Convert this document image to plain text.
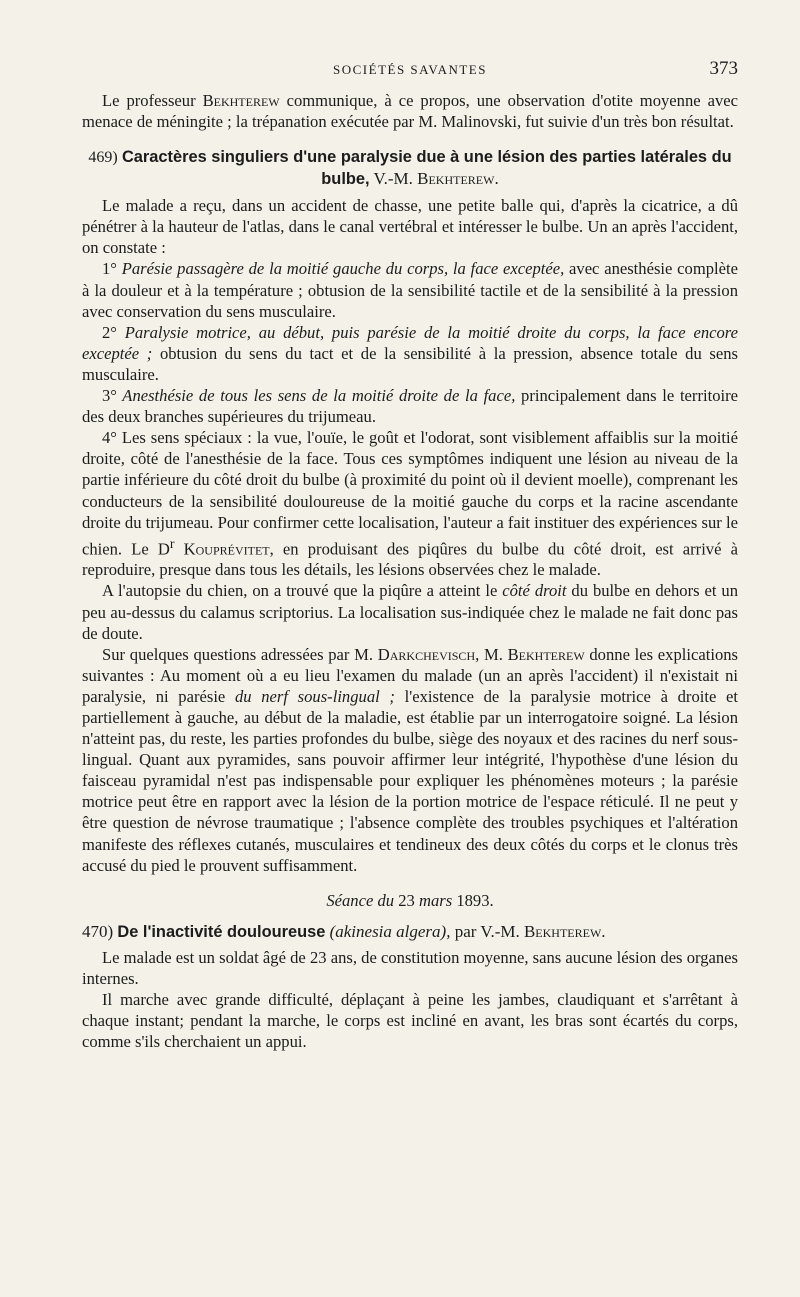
SOCIÉTÉS SAVANTES	373

Le professeur Bekhterew communique, à ce propos, une observation d'otite moyenne avec menace de méningite ; la trépanation exécutée par M. Malinovski, fut suivie d'un très bon résultat.

469) Caractères singuliers d'une paralysie due à une lésion des parties latérales du bulbe, V.-M. Bekhterew.

Le malade a reçu, dans un accident de chasse, une petite balle qui, d'après la cicatrice, a dû pénétrer à la hauteur de l'atlas, dans le canal vertébral et intéresser le bulbe. Un an après l'accident, on constate :

1° Parésie passagère de la moitié gauche du corps, la face exceptée, avec anesthésie complète à la douleur et à la température ; obtusion de la sensibilité tactile et de la sensibilité à la pression avec conservation du sens musculaire.

2° Paralysie motrice, au début, puis parésie de la moitié droite du corps, la face encore exceptée ; obtusion du sens du tact et de la sensibilité à la pression, absence totale du sens musculaire.

3° Anesthésie de tous les sens de la moitié droite de la face, principalement dans le territoire des deux branches supérieures du trijumeau.

4° Les sens spéciaux : la vue, l'ouïe, le goût et l'odorat, sont visiblement affaiblis sur la moitié droite, côté de l'anesthésie de la face. Tous ces symptômes indiquent une lésion au niveau de la partie inférieure du côté droit du bulbe (à proximité du point où il devient moelle), comprenant les conducteurs de la sensibilité douloureuse de la moitié gauche du corps et la racine ascendante droite du trijumeau. Pour confirmer cette localisation, l'auteur a fait instituer des expériences sur le chien. Le $D^r$ Kouprévitet, en produisant des piqûres du bulbe du côté droit, est arrivé à reproduire, presque dans tous les détails, les lésions observées chez le malade.

A l'autopsie du chien, on a trouvé que la piqûre a atteint le côté droit du bulbe en dehors et un peu au-dessus du calamus scriptorius. La localisation sus-indiquée chez le malade ne fait donc pas de doute.

Sur quelques questions adressées par M. Darkchevisch, M. Bekhterew donne les explications suivantes : Au moment où a eu lieu l'examen du malade (un an après l'accident) il n'existait ni paralysie, ni parésie du nerf sous-lingual ; l'existence de la paralysie motrice à droite et partiellement à gauche, au début de la maladie, est établie par un interrogatoire soigné. La lésion n'atteint pas, du reste, les parties profondes du bulbe, siège des noyaux et des racines du nerf sous-lingual. Quant aux pyramides, sans pouvoir affirmer leur intégrité, l'hypothèse d'une lésion du faisceau pyramidal n'est pas indispensable pour expliquer les phénomènes moteurs ; la parésie motrice peut être en rapport avec la lésion de la portion motrice de l'espace réticulé. Il ne peut y être question de névrose traumatique ; l'absence complète des troubles psychiques et l'altération manifeste des réflexes cutanés, musculaires et tendineux des deux côtés du corps et le clonus très accusé du pied le prouvent suffisamment.

Séance du 23 mars 1893.
470) De l'inactivité douloureuse (akinesia algera), par V.-M. Bekhterew.

Le malade est un soldat âgé de 23 ans, de constitution moyenne, sans aucune lésion des organes internes.

Il marche avec grande difficulté, déplaçant à peine les jambes, claudiquant et s'arrêtant à chaque instant; pendant la marche, le corps est incliné en avant, les bras sont écartés du corps, comme s'ils cherchaient un appui.
